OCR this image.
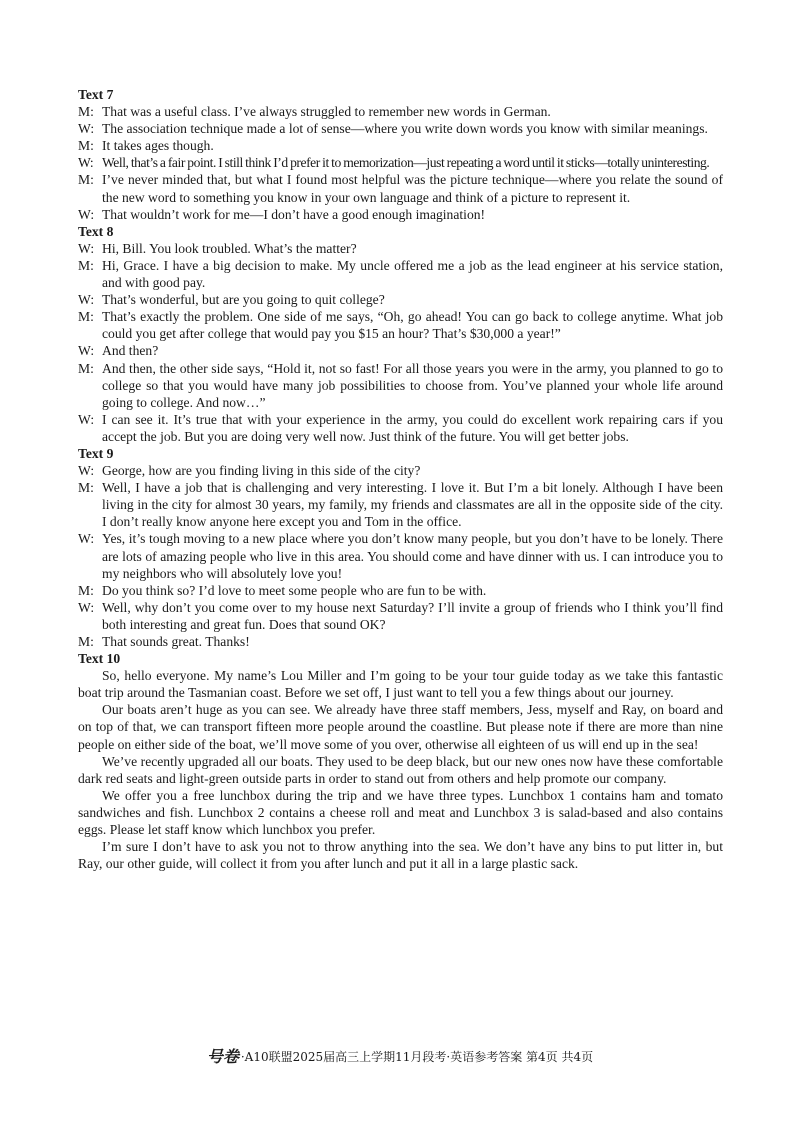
Text 7
M: That was a useful class. I’ve always struggled to remember new words in German.
W: The association technique made a lot of sense—where you write down words you know with similar meanings.
M: It takes ages though.
W: Well, that’s a fair point. I still think I’d prefer it to memorization—just repeating a word until it sticks—totally uninteresting.
M: I’ve never minded that, but what I found most helpful was the picture technique—where you relate the sound of the new word to something you know in your own language and think of a picture to represent it.
W: That wouldn’t work for me—I don’t have a good enough imagination!
Text 8
W: Hi, Bill. You look troubled. What’s the matter?
M: Hi, Grace. I have a big decision to make. My uncle offered me a job as the lead engineer at his service station, and with good pay.
W: That’s wonderful, but are you going to quit college?
M: That’s exactly the problem. One side of me says, “Oh, go ahead! You can go back to college anytime. What job could you get after college that would pay you $15 an hour? That’s $30,000 a year!”
W: And then?
M: And then, the other side says, “Hold it, not so fast! For all those years you were in the army, you planned to go to college so that you would have many job possibilities to choose from. You’ve planned your whole life around going to college. And now…”
W: I can see it. It’s true that with your experience in the army, you could do excellent work repairing cars if you accept the job. But you are doing very well now. Just think of the future. You will get better jobs.
Text 9
W: George, how are you finding living in this side of the city?
M: Well, I have a job that is challenging and very interesting. I love it. But I’m a bit lonely. Although I have been living in the city for almost 30 years, my family, my friends and classmates are all in the opposite side of the city. I don’t really know anyone here except you and Tom in the office.
W: Yes, it’s tough moving to a new place where you don’t know many people, but you don’t have to be lonely. There are lots of amazing people who live in this area. You should come and have dinner with us. I can introduce you to my neighbors who will absolutely love you!
M: Do you think so? I’d love to meet some people who are fun to be with.
W: Well, why don’t you come over to my house next Saturday? I’ll invite a group of friends who I think you’ll find both interesting and great fun. Does that sound OK?
M: That sounds great. Thanks!
Text 10
So, hello everyone. My name’s Lou Miller and I’m going to be your tour guide today as we take this fantastic boat trip around the Tasmanian coast. Before we set off, I just want to tell you a few things about our journey.
Our boats aren’t huge as you can see. We already have three staff members, Jess, myself and Ray, on board and on top of that, we can transport fifteen more people around the coastline. But please note if there are more than nine people on either side of the boat, we’ll move some of you over, otherwise all eighteen of us will end up in the sea!
We’ve recently upgraded all our boats. They used to be deep black, but our new ones now have these comfortable dark red seats and light-green outside parts in order to stand out from others and help promote our company.
We offer you a free lunchbox during the trip and we have three types. Lunchbox 1 contains ham and tomato sandwiches and fish. Lunchbox 2 contains a cheese roll and meat and Lunchbox 3 is salad-based and also contains eggs. Please let staff know which lunchbox you prefer.
I’m sure I don’t have to ask you not to throw anything into the sea. We don’t have any bins to put litter in, but Ray, our other guide, will collect it from you after lunch and put it all in a large plastic sack.
号卷 ·A10联盟2025届高三上学期11月段考·英语参考答案 第4页 共4页
